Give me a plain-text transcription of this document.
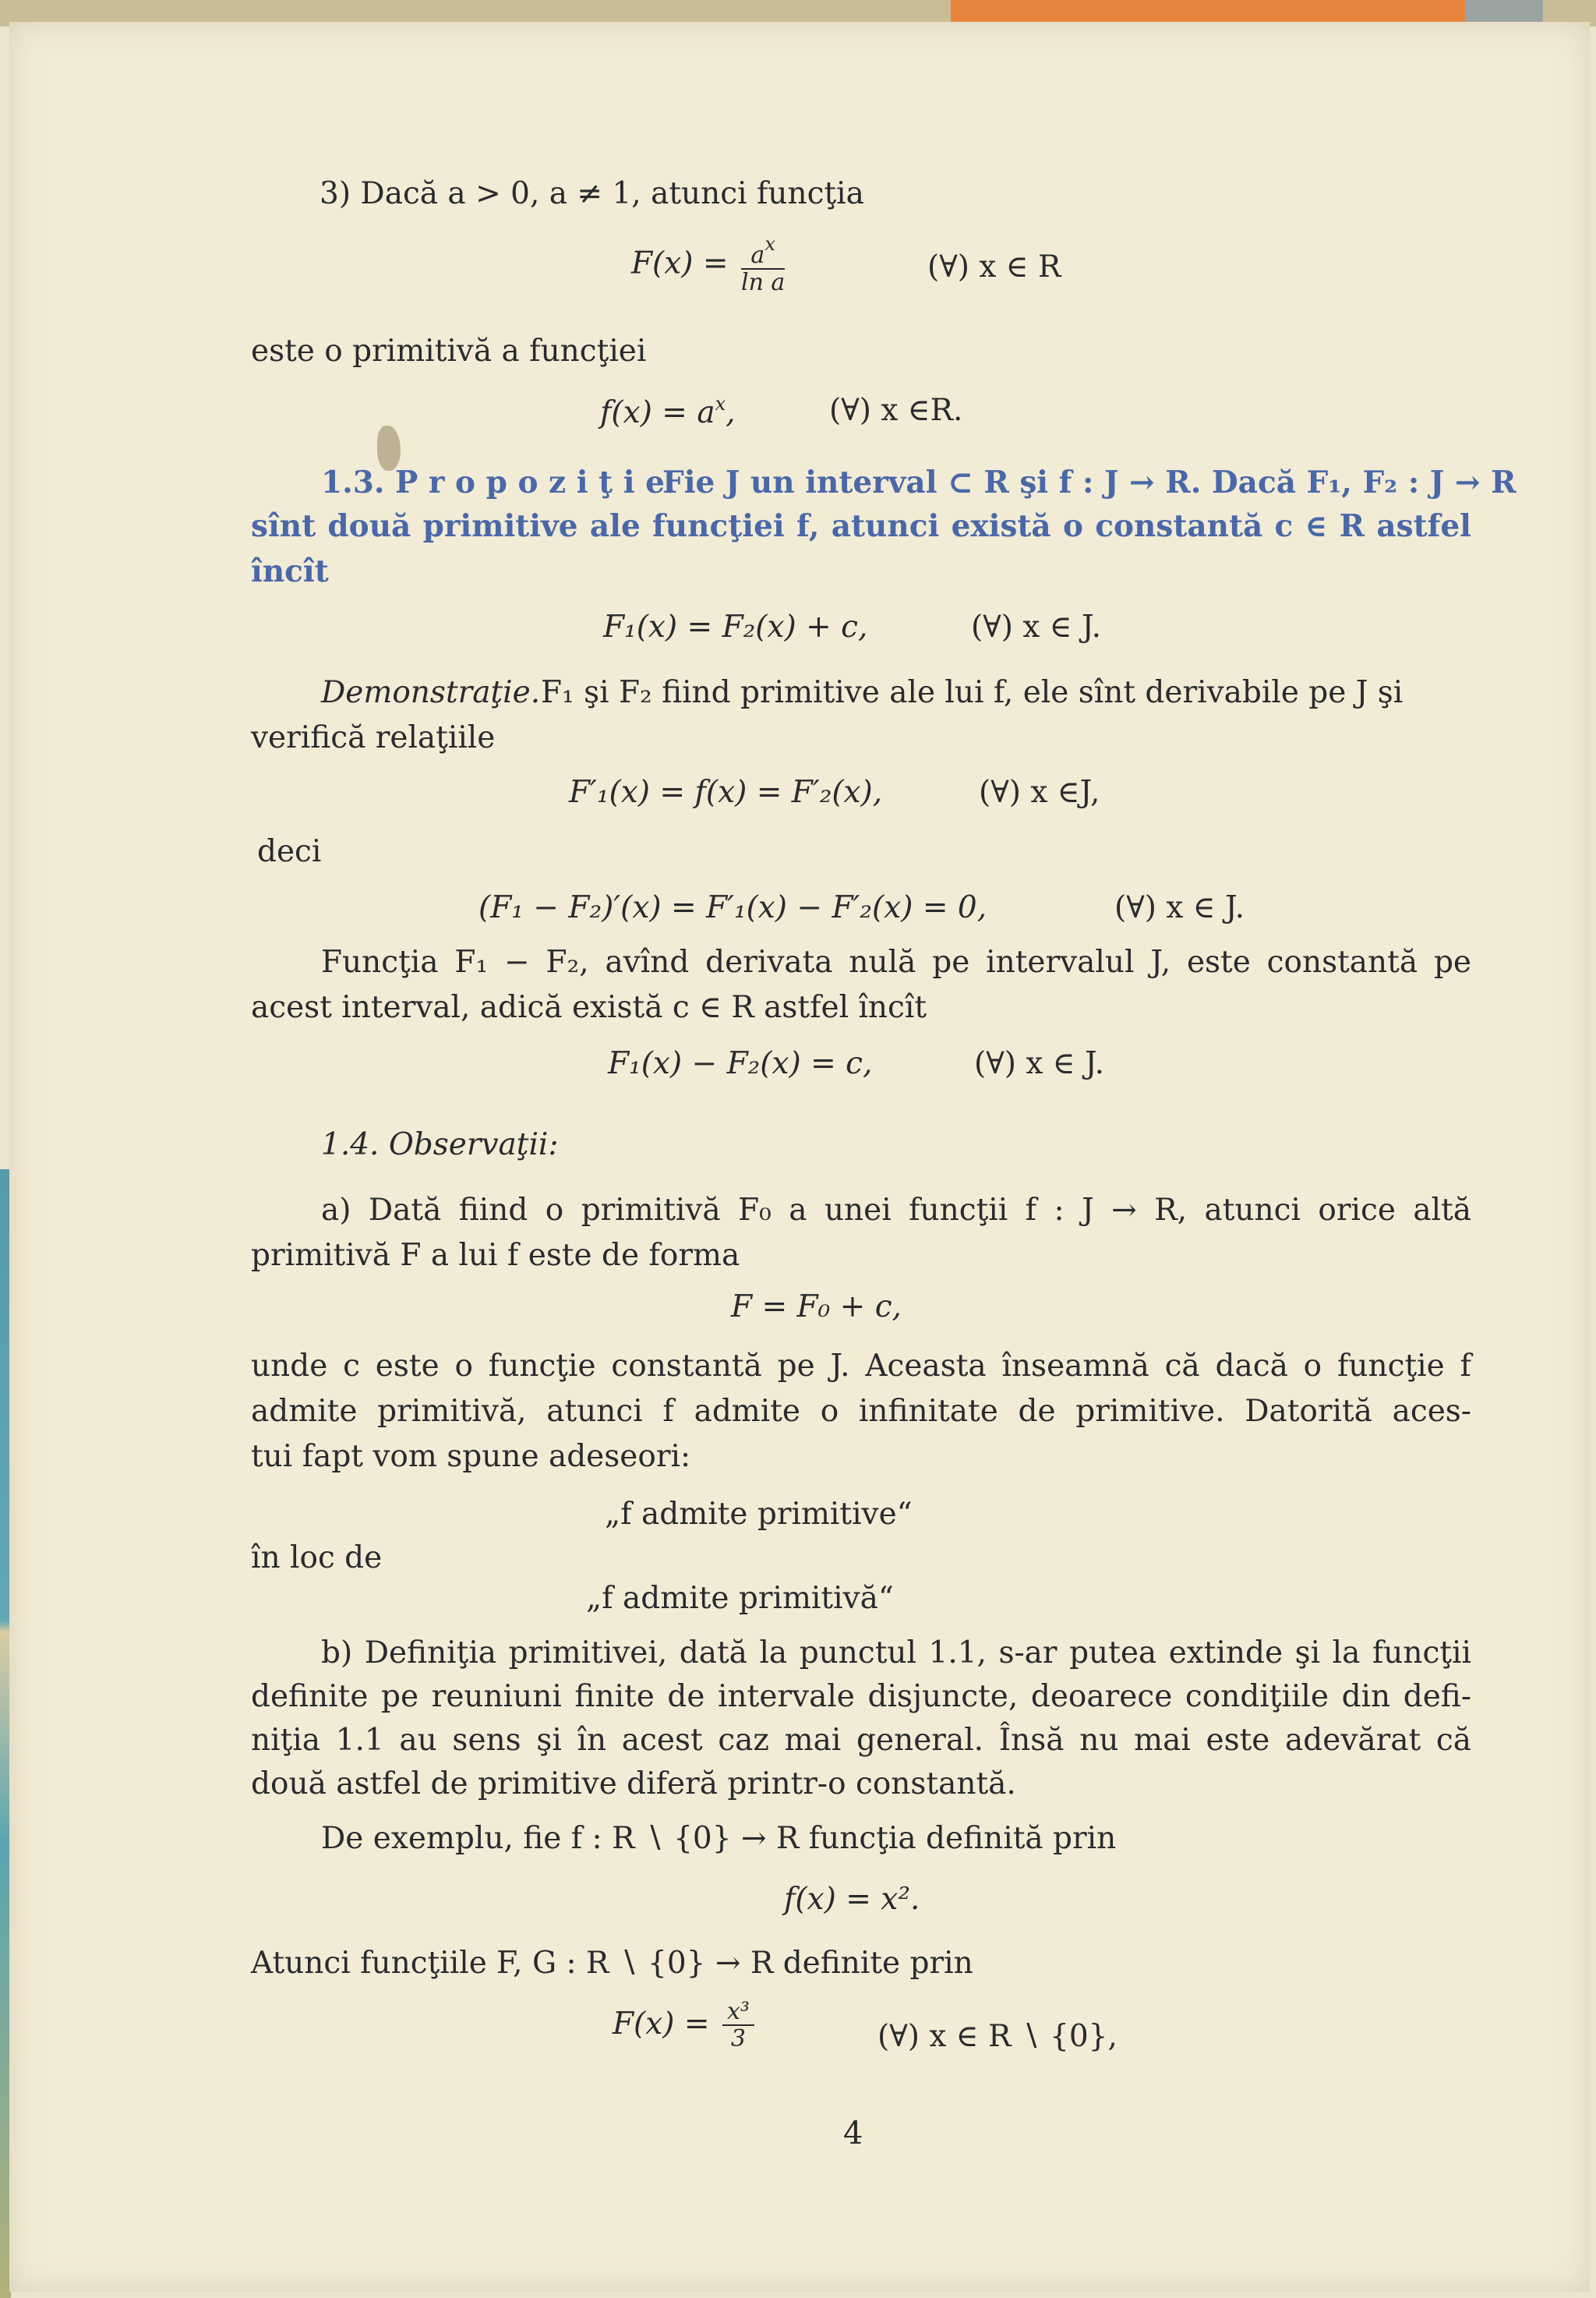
3) Dacă a > 0, a ≠ 1, atunci funcţia
$F(x) = \frac{a^x}{\text{ln a}}$	(∀) x ∈ R
este o primitivă a funcţiei
$f(x) = a^x$,	(∀) x ∈R.
1.3. P r o p o z i ţ i e.
Fie J un interval ⊂ R şi f : J → R. Dacă F₁, F₂ : J → R
sînt două primitive ale funcţiei f, atunci există o constantă c ∈ R astfel
încît
F₁(x) = F₂(x) + c,	(∀) x ∈ J.
Demonstraţie. F₁ şi F₂ fiind primitive ale lui f, ele sînt derivabile pe J şi
verifică relaţiile
F′₁(x) = f(x) = F′₂(x),	(∀) x ∈J,
deci
(F₁ − F₂)′(x) = F′₁(x) − F′₂(x) = 0,	(∀) x ∈ J.
Funcţia F₁ − F₂, avînd derivata nulă pe intervalul J, este constantă pe
acest interval, adică există c ∈ R astfel încît
F₁(x) − F₂(x) = c,	(∀) x ∈ J.
1.4. Observaţii:
a) Dată fiind o primitivă F₀ a unei funcţii f : J → R, atunci orice altă
primitivă F a lui f este de forma
F = F₀ + c,
unde c este o funcţie constantă pe J. Aceasta înseamnă că dacă o funcţie f
admite primitivă, atunci f admite o infinitate de primitive. Datorită aces-
tui fapt vom spune adeseori:
„f admite primitive“
în loc de
„f admite primitivă“
b) Definiţia primitivei, dată la punctul 1.1, s-ar putea extinde şi la funcţii
definite pe reuniuni finite de intervale disjuncte, deoarece condiţiile din defi-
niţia 1.1 au sens şi în acest caz mai general. Însă nu mai este adevărat că
două astfel de primitive diferă printr-o constantă.
De exemplu, fie f : R ∖ {0} → R funcţia definită prin
f(x) = x².
Atunci funcţiile F, G : R ∖ {0} → R definite prin
$F(x) = \frac{\text{x³}}{3}$	(∀) x ∈ R ∖ {0},
4
